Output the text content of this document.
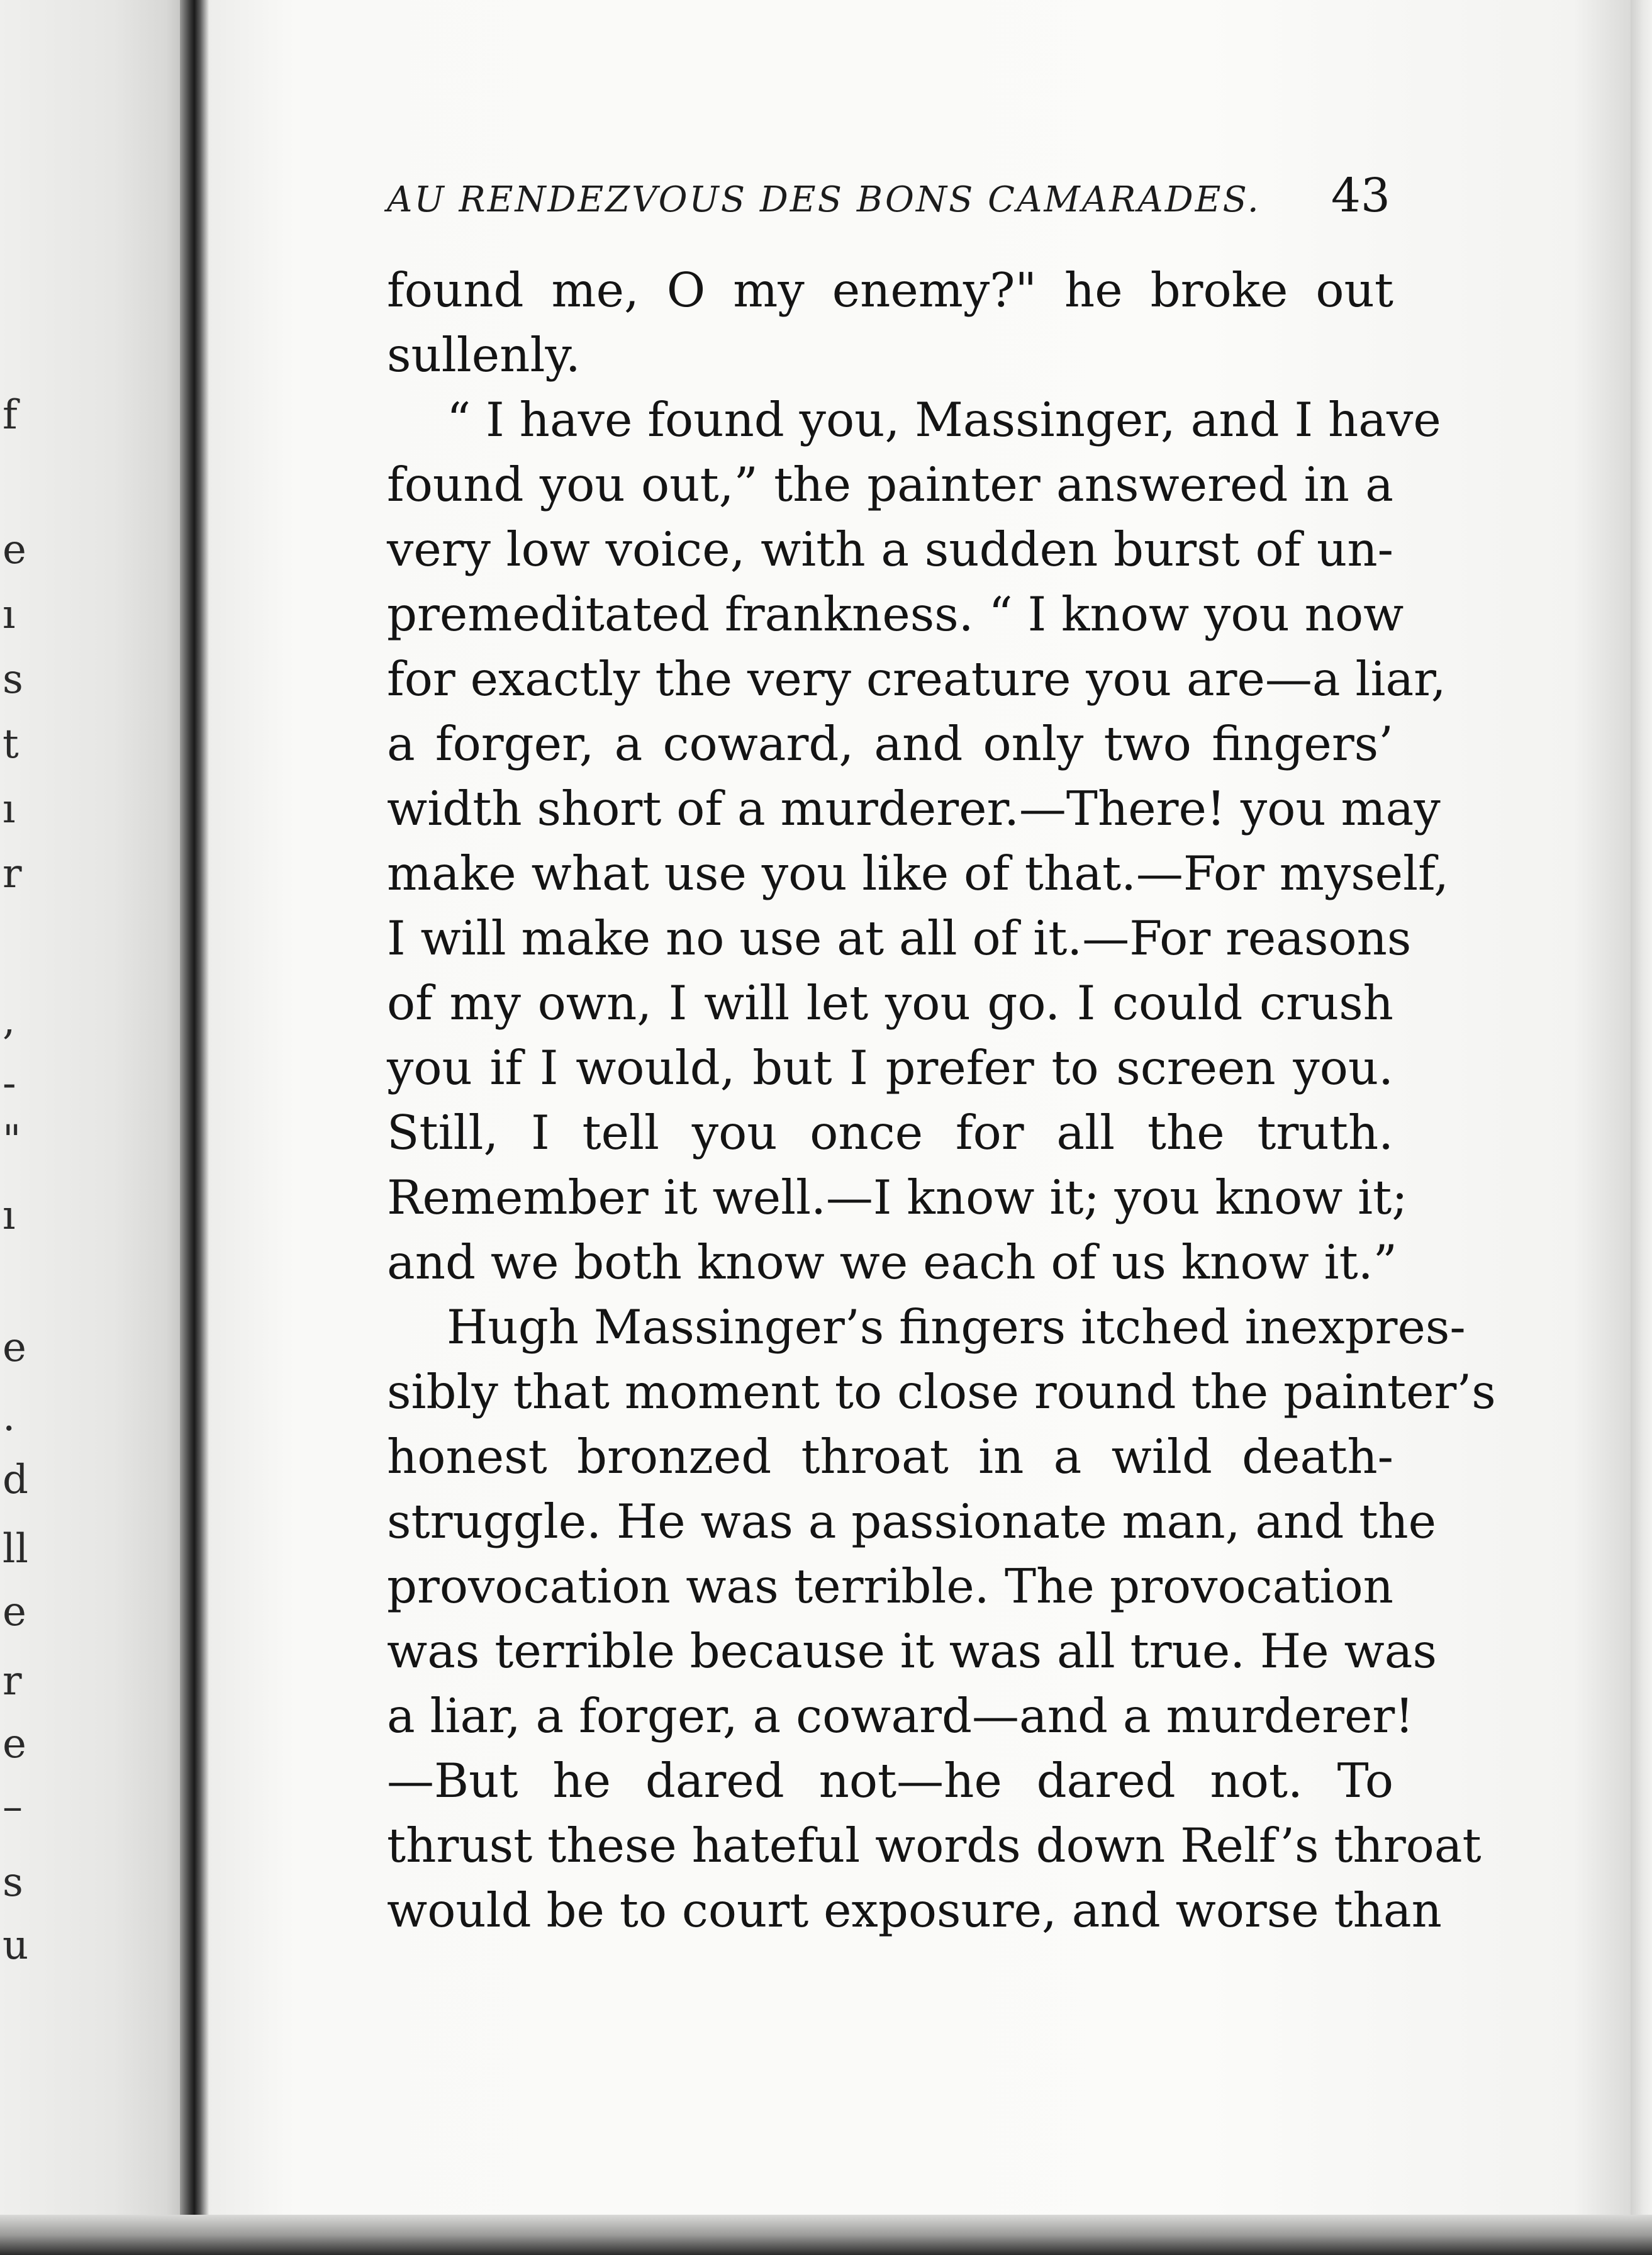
f
e
ı
s
t
ı
r
,
-
"
ı
e
.
d
ll
e
r
e
–
s
u
AU RENDEZVOUS DES BONS CAMARADES. 43
found me, O my enemy?" he broke out
sullenly.
“ I have found you, Massinger, and I have
found you out,” the painter answered in a
very low voice, with a sudden burst of un-
premeditated frankness. “ I know you now
for exactly the very creature you are—a liar,
a forger, a coward, and only two fingers’
width short of a murderer.—There! you may
make what use you like of that.—For myself,
I will make no use at all of it.—For reasons
of my own, I will let you go. I could crush
you if I would, but I prefer to screen you.
Still, I tell you once for all the truth.
Remember it well.—I know it; you know it;
and we both know we each of us know it.”
Hugh Massinger’s fingers itched inexpres-
sibly that moment to close round the painter’s
honest bronzed throat in a wild death-
struggle. He was a passionate man, and the
provocation was terrible. The provocation
was terrible because it was all true. He was
a liar, a forger, a coward—and a murderer!
—But he dared not—he dared not. To
thrust these hateful words down Relf’s throat
would be to court exposure, and worse than
